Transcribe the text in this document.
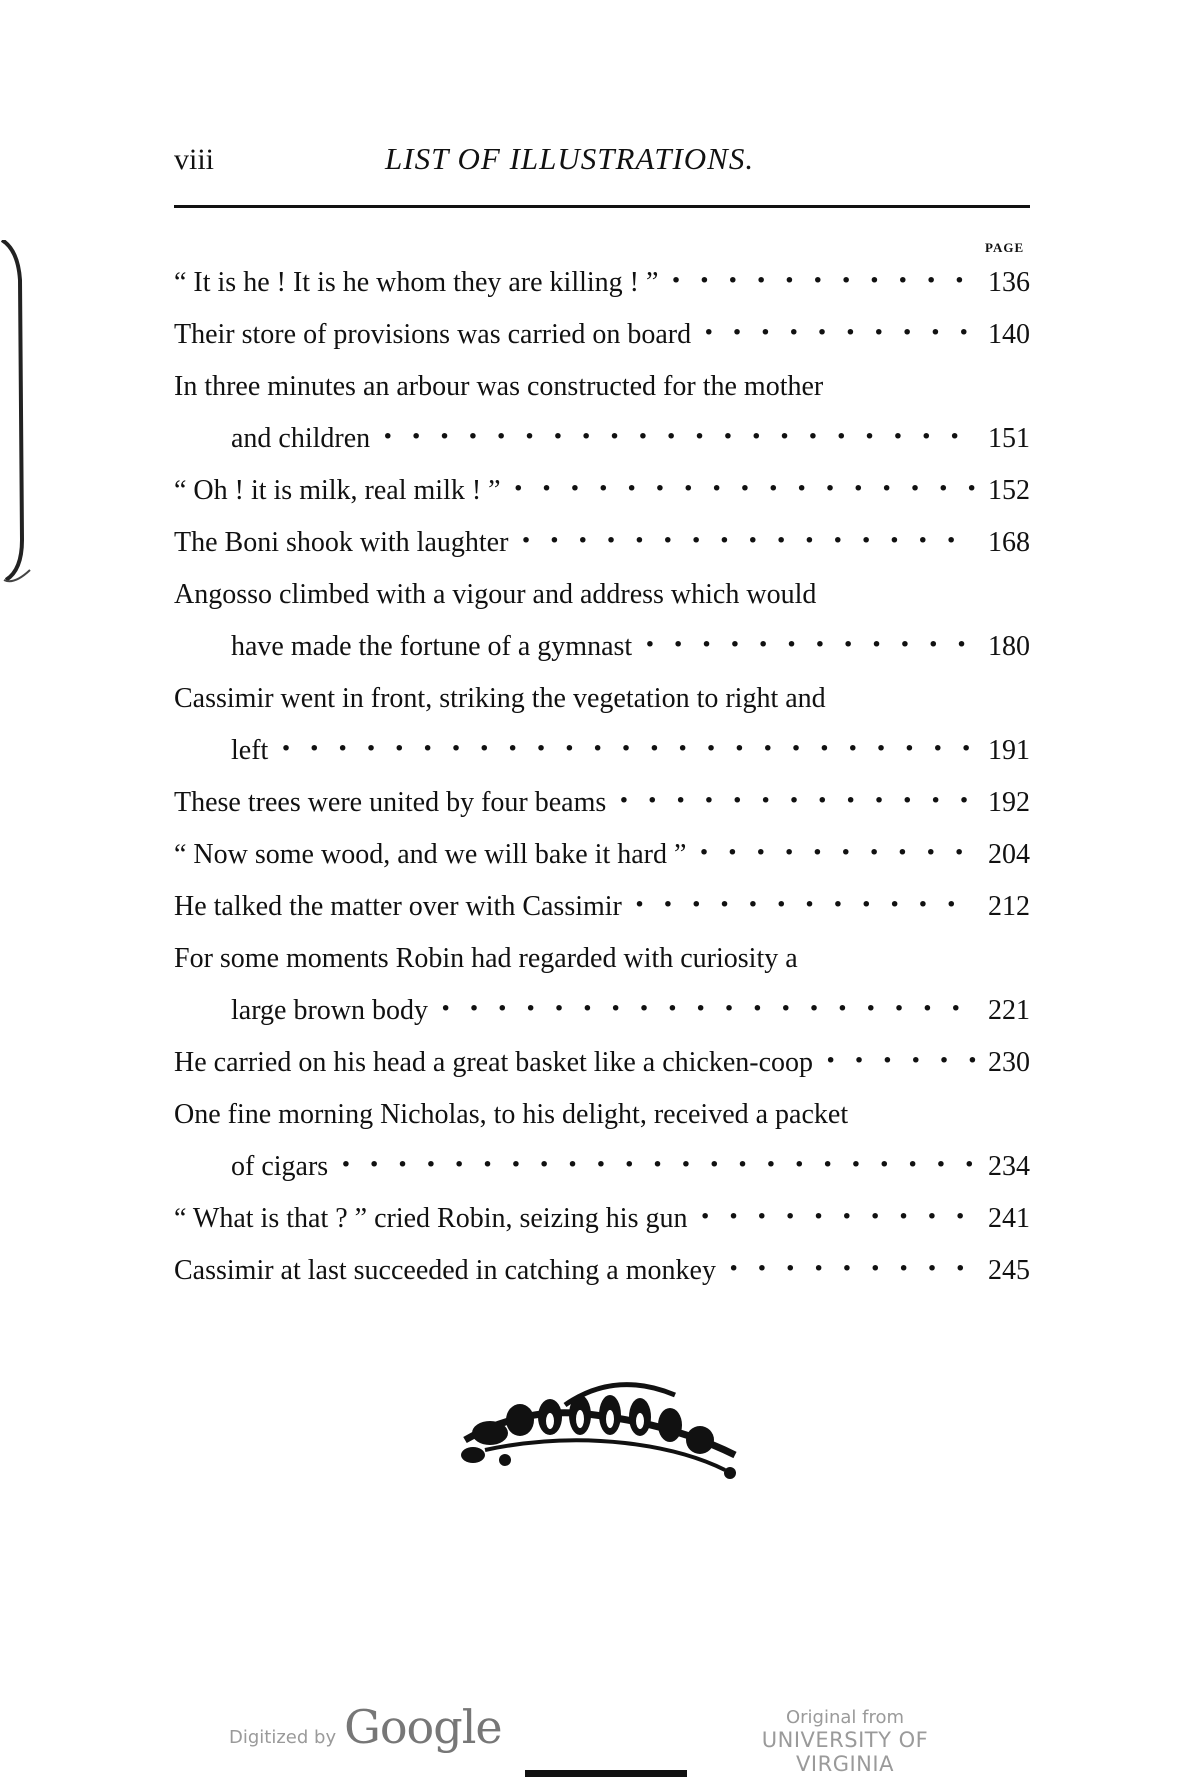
viii	LIST OF ILLUSTRATIONS.
PAGE
“ It is he ! It is he whom they are killing ! ” · ·	136
Their store of provisions was carried on board · ·	140
In three minutes an arbour was constructed for the mother
and children · ·	151
“ Oh ! it is milk, real milk ! ” · ·	152
The Boni shook with laughter · ·	168
Angosso climbed with a vigour and address which would
have made the fortune of a gymnast · ·	180
Cassimir went in front, striking the vegetation to right and
left · ·	191
These trees were united by four beams · ·	192
“ Now some wood, and we will bake it hard ” · ·	204
He talked the matter over with Cassimir · ·	212
For some moments Robin had regarded with curiosity a
large brown body · ·	221
He carried on his head a great basket like a chicken-coop · ·	230
One fine morning Nicholas, to his delight, received a packet
of cigars · ·	234
“ What is that ? ” cried Robin, seizing his gun · ·	241
Cassimir at last succeeded in catching a monkey · ·	245
Digitized by Google	Original from
UNIVERSITY OF VIRGINIA
